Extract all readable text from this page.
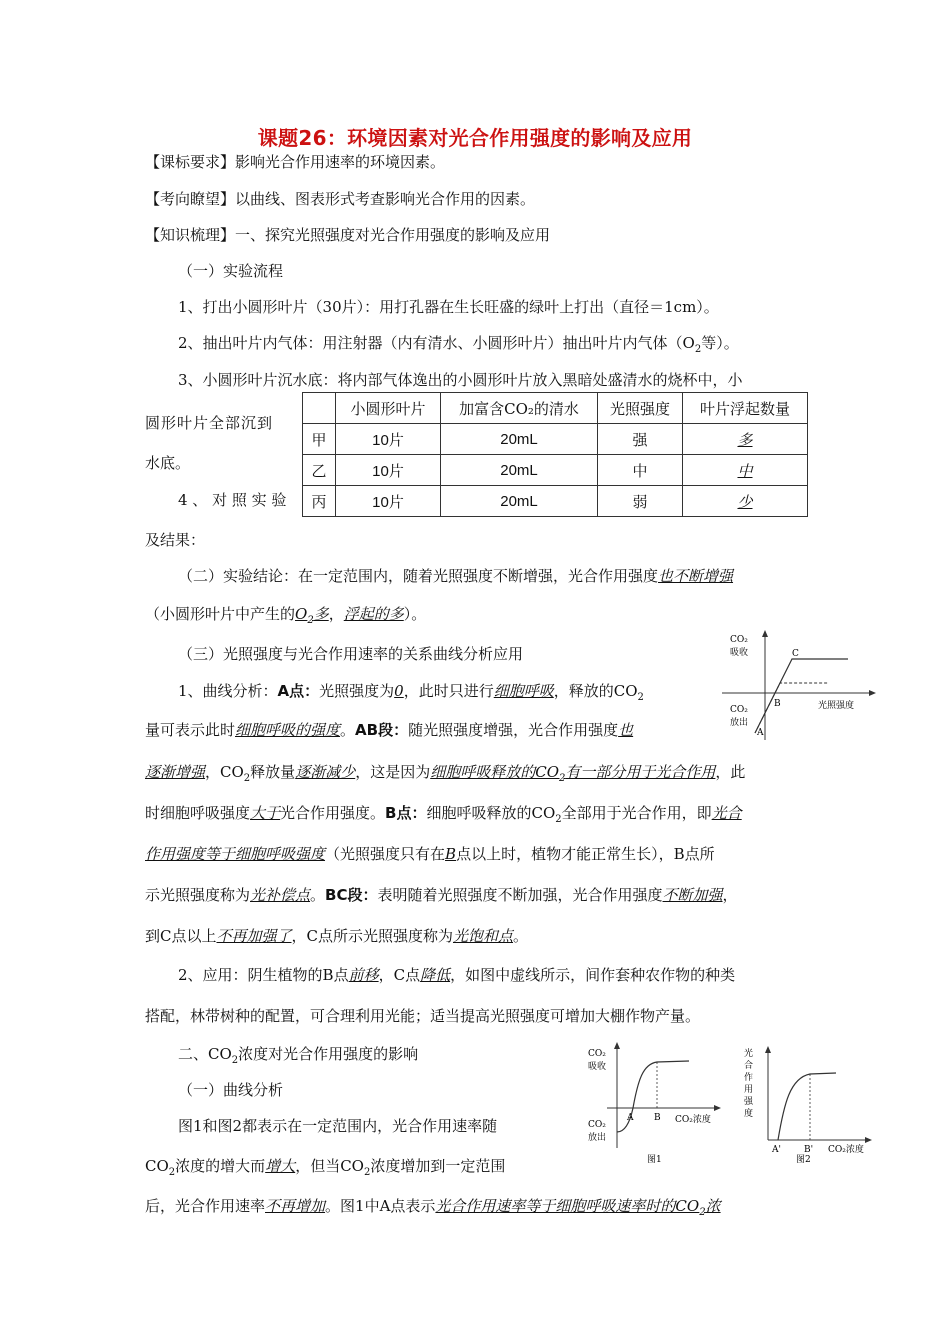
课题26：环境因素对光合作用强度的影响及应用
【课标要求】影响光合作用速率的环境因素。
【考向瞭望】以曲线、图表形式考查影响光合作用的因素。
【知识梳理】一、探究光照强度对光合作用强度的影响及应用
（一）实验流程
1、打出小圆形叶片（30片）：用打孔器在生长旺盛的绿叶上打出（直径＝1cm）。
2、抽出叶片内气体：用注射器（内有清水、小圆形叶片）抽出叶片内气体（$O_2$等）。
3、小圆形叶片沉水底：将内部气体逸出的小圆形叶片放入黑暗处盛清水的烧杯中，小
圆形叶片全部沉到
水底。
4 、 对 照 实 验
及结果：
	小圆形叶片	加富含CO₂的清水	光照强度	叶片浮起数量
甲	10片	20mL	强	多
乙	10片	20mL	中	中
丙	10片	20mL	弱	少
（二）实验结论：在一定范围内，随着光照强度不断增强，光合作用强度也不断增强
（小圆形叶片中产生的$O_2$多，浮起的多）。
（三）光照强度与光合作用速率的关系曲线分析应用
1、曲线分析：A点：光照强度为0，此时只进行细胞呼吸，释放的$CO_2$
量可表示此时细胞呼吸的强度。AB段：随光照强度增强，光合作用强度也
逐渐增强，$CO_2$释放量逐渐减少，这是因为细胞呼吸释放的$CO_2$有一部分用于光合作用，此
时细胞呼吸强度大于光合作用强度。B点：细胞呼吸释放的$CO_2$全部用于光合作用，即光合
作用强度等于细胞呼吸强度（光照强度只有在B点以上时，植物才能正常生长），B点所
示光照强度称为光补偿点。BC段：表明随着光照强度不断加强，光合作用强度不断加强，
到C点以上不再加强了，C点所示光照强度称为光饱和点。
2、应用：阴生植物的B点前移，C点降低，如图中虚线所示，间作套种农作物的种类
搭配，林带树种的配置，可合理利用光能；适当提高光照强度可增加大棚作物产量。
二、$CO_2$浓度对光合作用强度的影响
（一）曲线分析
图1和图2都表示在一定范围内，光合作用速率随
$CO_2$浓度的增大而增大，但当$CO_2$浓度增加到一定范围
后，光合作用速率不再增加。图1中A点表示光合作用速率等于细胞呼吸速率时的$CO_2$浓
CO₂
吸收
CO₂
放出
光照强度
A
B
C
CO₂
吸收
CO₂
放出
A B CO₂浓度
图1
光
合
作
用
强
度
A'	B' CO₂浓度
图2
